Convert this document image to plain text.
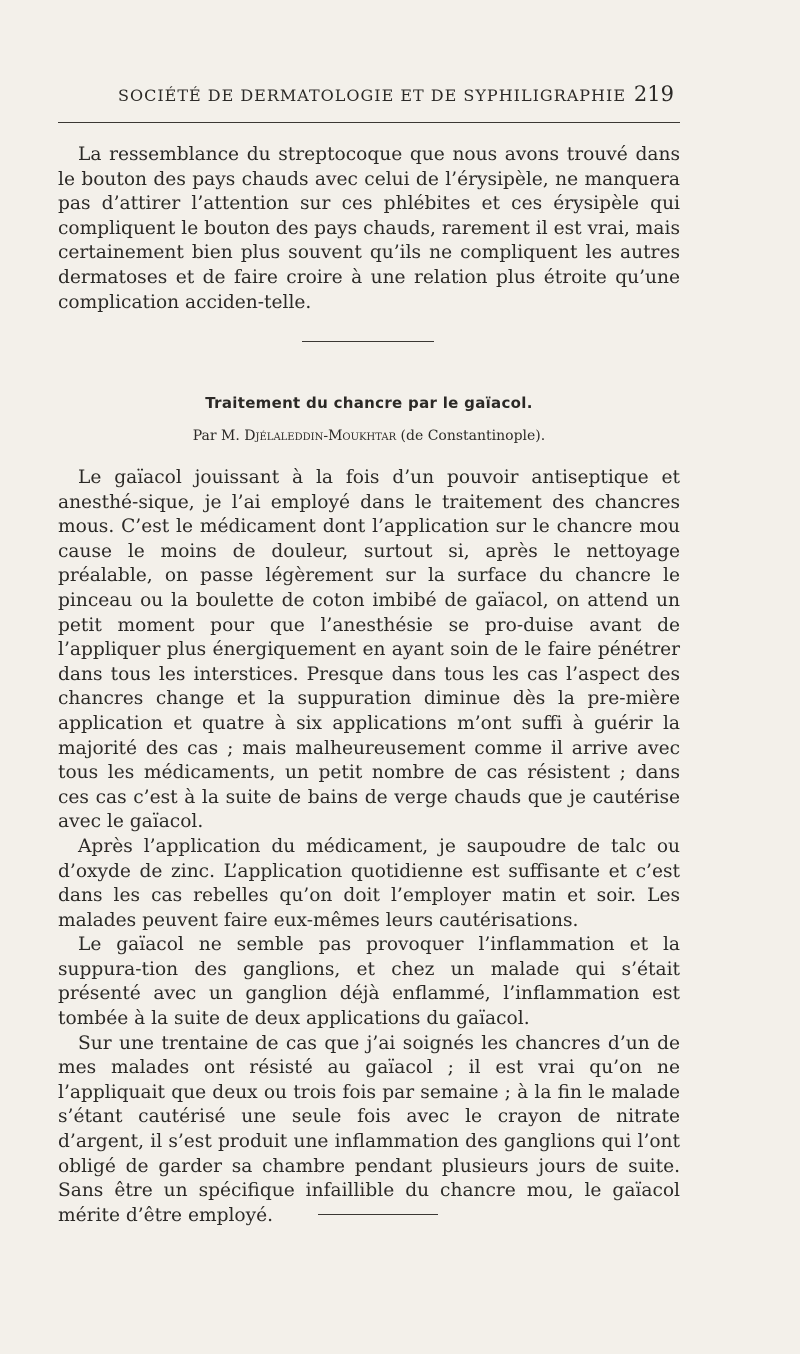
SOCIÉTÉ DE DERMATOLOGIE ET DE SYPHILIGRAPHIE 219

La ressemblance du streptocoque que nous avons trouvé dans le bouton des pays chauds avec celui de l’érysipèle, ne manquera pas d’attirer l’attention sur ces phlébites et ces érysipèle qui compliquent le bouton des pays chauds, rarement il est vrai, mais certainement bien plus souvent qu’ils ne compliquent les autres dermatoses et de faire croire à une relation plus étroite qu’une complication acciden-telle.

Traitement du chancre par le gaïacol.
Par M. Djélaleddin-Moukhtar (de Constantinople).

Le gaïacol jouissant à la fois d’un pouvoir antiseptique et anesthé-sique, je l’ai employé dans le traitement des chancres mous. C’est le médicament dont l’application sur le chancre mou cause le moins de douleur, surtout si, après le nettoyage préalable, on passe légèrement sur la surface du chancre le pinceau ou la boulette de coton imbibé de gaïacol, on attend un petit moment pour que l’anesthésie se pro-duise avant de l’appliquer plus énergiquement en ayant soin de le faire pénétrer dans tous les interstices. Presque dans tous les cas l’aspect des chancres change et la suppuration diminue dès la pre-mière application et quatre à six applications m’ont suffi à guérir la majorité des cas ; mais malheureusement comme il arrive avec tous les médicaments, un petit nombre de cas résistent ; dans ces cas c’est à la suite de bains de verge chauds que je cautérise avec le gaïacol.

Après l’application du médicament, je saupoudre de talc ou d’oxyde de zinc. L’application quotidienne est suffisante et c’est dans les cas rebelles qu’on doit l’employer matin et soir. Les malades peuvent faire eux-mêmes leurs cautérisations.

Le gaïacol ne semble pas provoquer l’inflammation et la suppura-tion des ganglions, et chez un malade qui s’était présenté avec un ganglion déjà enflammé, l’inflammation est tombée à la suite de deux applications du gaïacol.

Sur une trentaine de cas que j’ai soignés les chancres d’un de mes malades ont résisté au gaïacol ; il est vrai qu’on ne l’appliquait que deux ou trois fois par semaine ; à la fin le malade s’étant cautérisé une seule fois avec le crayon de nitrate d’argent, il s’est produit une inflammation des ganglions qui l’ont obligé de garder sa chambre pendant plusieurs jours de suite. Sans être un spécifique infaillible du chancre mou, le gaïacol mérite d’être employé.
